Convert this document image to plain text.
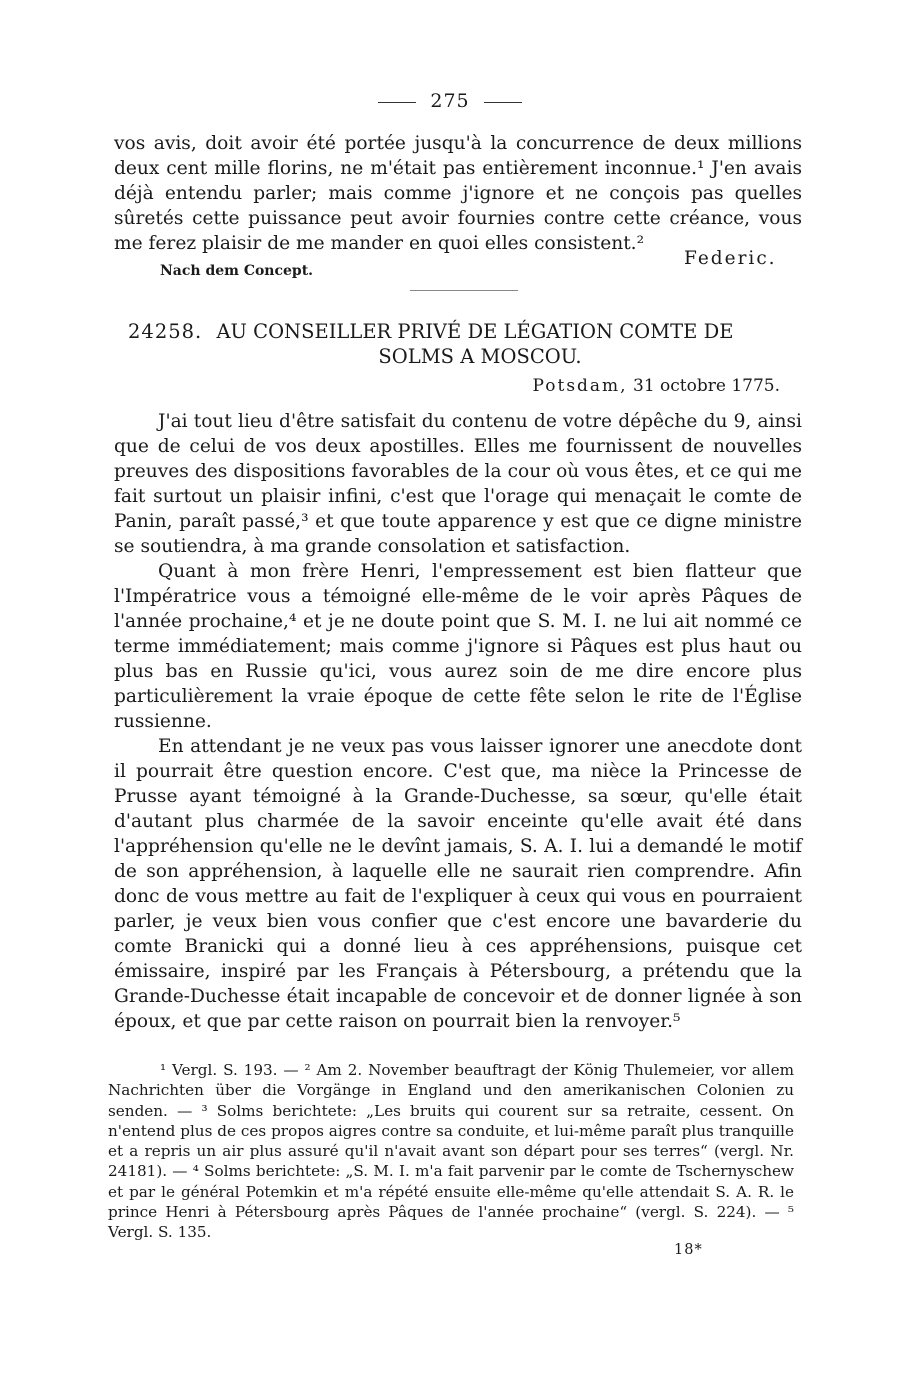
275
vos avis, doit avoir été portée jusqu'à la concurrence de deux millions deux cent mille florins, ne m'était pas entièrement inconnue.¹ J'en avais déjà entendu parler; mais comme j'ignore et ne conçois pas quelles sûretés cette puissance peut avoir fournies contre cette créance, vous me ferez plaisir de me mander en quoi elles consistent.²
Federic.
Nach dem Concept.
24258. AU CONSEILLER PRIVÉ DE LÉGATION COMTE DE
SOLMS A MOSCOU.
Potsdam, 31 octobre 1775.
J'ai tout lieu d'être satisfait du contenu de votre dépêche du 9, ainsi que de celui de vos deux apostilles. Elles me fournissent de nouvelles preuves des dispositions favorables de la cour où vous êtes, et ce qui me fait surtout un plaisir infini, c'est que l'orage qui menaçait le comte de Panin, paraît passé,³ et que toute apparence y est que ce digne ministre se soutiendra, à ma grande consolation et satisfaction.
Quant à mon frère Henri, l'empressement est bien flatteur que l'Impératrice vous a témoigné elle-même de le voir après Pâques de l'année prochaine,⁴ et je ne doute point que S. M. I. ne lui ait nommé ce terme immédiatement; mais comme j'ignore si Pâques est plus haut ou plus bas en Russie qu'ici, vous aurez soin de me dire encore plus particulièrement la vraie époque de cette fête selon le rite de l'Église russienne.
En attendant je ne veux pas vous laisser ignorer une anecdote dont il pourrait être question encore. C'est que, ma nièce la Princesse de Prusse ayant témoigné à la Grande-Duchesse, sa sœur, qu'elle était d'autant plus charmée de la savoir enceinte qu'elle avait été dans l'appréhension qu'elle ne le devînt jamais, S. A. I. lui a demandé le motif de son appréhension, à laquelle elle ne saurait rien comprendre. Afin donc de vous mettre au fait de l'expliquer à ceux qui vous en pourraient parler, je veux bien vous confier que c'est encore une bavarderie du comte Branicki qui a donné lieu à ces appréhensions, puisque cet émissaire, inspiré par les Français à Pétersbourg, a prétendu que la Grande-Duchesse était incapable de concevoir et de donner lignée à son époux, et que par cette raison on pourrait bien la renvoyer.⁵
¹ Vergl. S. 193. — ² Am 2. November beauftragt der König Thulemeier, vor allem Nachrichten über die Vorgänge in England und den amerikanischen Colonien zu senden. — ³ Solms berichtete: „Les bruits qui courent sur sa retraite, cessent. On n'entend plus de ces propos aigres contre sa conduite, et lui-même paraît plus tranquille et a repris un air plus assuré qu'il n'avait avant son départ pour ses terres“ (vergl. Nr. 24181). — ⁴ Solms berichtete: „S. M. I. m'a fait parvenir par le comte de Tschernyschew et par le général Potemkin et m'a répété ensuite elle-même qu'elle attendait S. A. R. le prince Henri à Pétersbourg après Pâques de l'année prochaine“ (vergl. S. 224). — ⁵ Vergl. S. 135.
18*
